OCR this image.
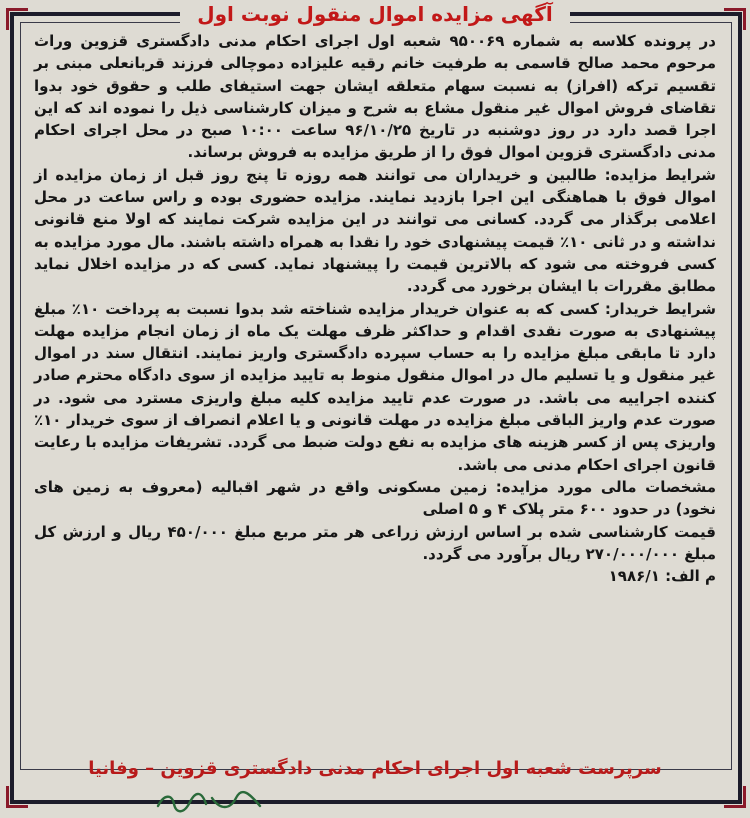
آگهی مزایده اموال منقول نوبت اول

در پرونده کلاسه به شماره ۹۵۰۰۶۹ شعبه اول اجرای احکام مدنی دادگستری قزوین وراث مرحوم محمد صالح قاسمی به طرفیت خانم رقیه علیزاده دموچالی فرزند قربانعلی مبنی بر تقسیم ترکه (افراز) به نسبت سهام متعلقه ایشان جهت استیفای طلب و حقوق خود بدوا تقاضای فروش اموال غیر منقول مشاع به شرح و میزان کارشناسی ذیل را نموده اند که این اجرا قصد دارد در روز دوشنبه در تاریخ ۹۶/۱۰/۲۵ ساعت ۱۰:۰۰ صبح در محل اجرای احکام مدنی دادگستری قزوین اموال فوق را از طریق مزایده به فروش برساند.

شرایط مزایده: طالبین و خریداران می توانند همه روزه تا پنج روز قبل از زمان مزایده از اموال فوق با هماهنگی این اجرا بازدید نمایند. مزایده حضوری بوده و راس ساعت در محل اعلامی برگذار می گردد. کسانی می توانند در این مزایده شرکت نمایند که اولا منع قانونی نداشته و در ثانی ۱۰٪ قیمت پیشنهادی خود را نقدا به همراه داشته باشند. مال مورد مزایده به کسی فروخته می شود که بالاترین قیمت را پیشنهاد نماید. کسی که در مزایده اخلال نماید مطابق مقررات با ایشان برخورد می گردد.

شرایط خریدار: کسی که به عنوان خریدار مزایده شناخته شد بدوا نسبت به پرداخت ۱۰٪ مبلغ پیشنهادی به صورت نقدی اقدام و حداکثر ظرف مهلت یک ماه از زمان انجام مزایده مهلت دارد تا مابقی مبلغ مزایده را به حساب سپرده دادگستری واریز نمایند. انتقال سند در اموال غیر منقول و یا تسلیم مال در اموال منقول منوط به تایید مزایده از سوی دادگاه محترم صادر کننده اجراییه می باشد. در صورت عدم تایید مزایده کلیه مبلغ واریزی مسترد می شود. در صورت عدم واریز الباقی مبلغ مزایده در مهلت قانونی و یا اعلام انصراف از سوی خریدار ۱۰٪ واریزی پس از کسر هزینه های مزایده به نفع دولت ضبط می گردد. تشریفات مزایده با رعایت قانون اجرای احکام مدنی می باشد.

مشخصات مالی مورد مزایده: زمین مسکونی واقع در شهر اقبالیه (معروف به زمین های نخود) در حدود ۶۰۰ متر پلاک ۴ و ۵ اصلی

قیمت کارشناسی شده بر اساس ارزش زراعی هر متر مربع مبلغ ۴۵۰/۰۰۰ ریال و ارزش کل مبلغ ۲۷۰/۰۰۰/۰۰۰ ریال برآورد می گردد.

م الف: ۱۹۸۶/۱

سرپرست شعبه اول اجرای احکام مدنی دادگستری قزوین – وفانیا
